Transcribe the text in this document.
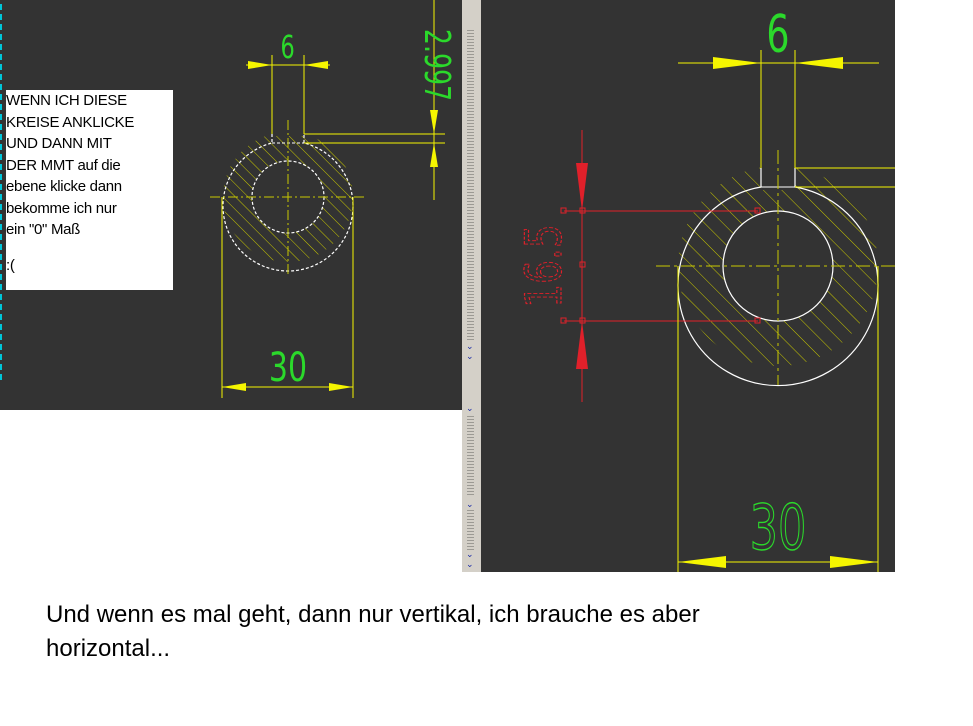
6	2.997
30
WENN ICH DIESE
KREISE ANKLICKE
UND DANN MIT
DER MMT auf die
ebene klicke dann
bekomme ich nur
ein "0" Maß
:(
⌄
⌄
⌄
⌄
⌄
⌄
6
16.5
30
Und wenn es mal geht, dann nur vertikal, ich brauche es aber
horizontal...
